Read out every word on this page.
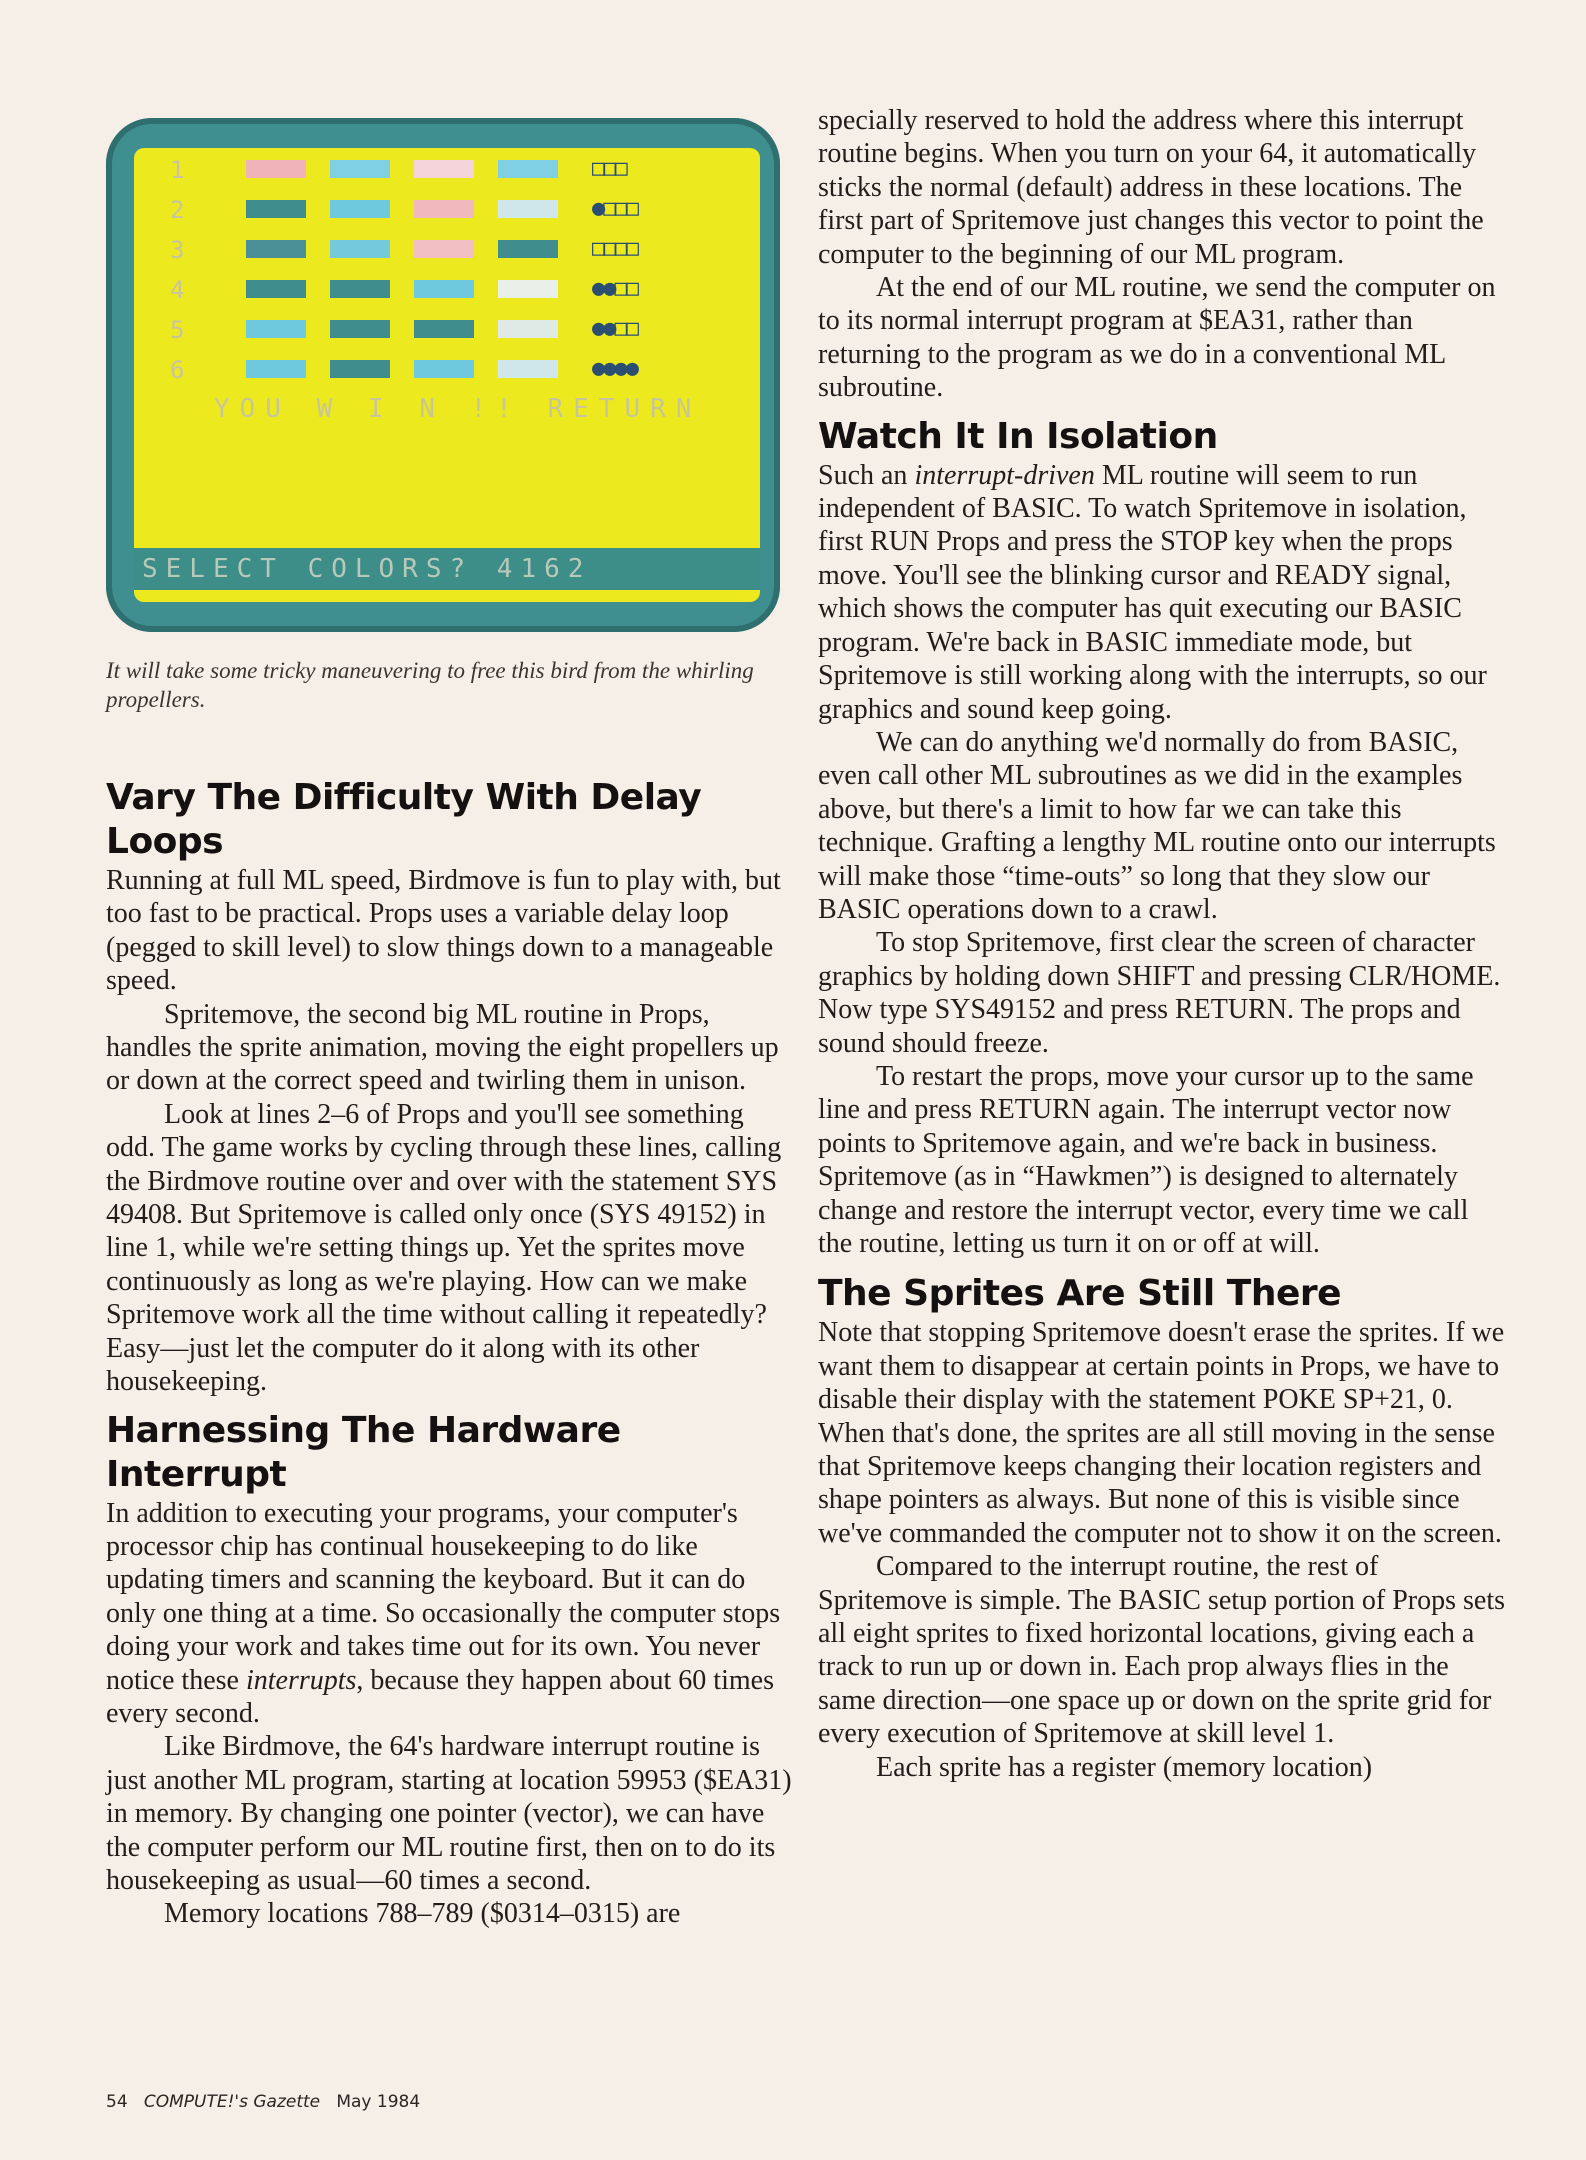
1	□□□
2	●□□□
3	□□□□
4	●●□□
5	●●□□
6	●●●●
YOU W I N !! RETURN
SELECT COLORS? 4162
It will take some tricky maneuvering to free this bird from the whirling propellers.
Vary The Difficulty With Delay Loops

Running at full ML speed, Birdmove is fun to play with, but too fast to be practical. Props uses a variable delay loop (pegged to skill level) to slow things down to a manageable speed.

Spritemove, the second big ML routine in Props, handles the sprite animation, moving the eight propellers up or down at the correct speed and twirling them in unison.

Look at lines 2–6 of Props and you'll see something odd. The game works by cycling through these lines, calling the Birdmove routine over and over with the statement SYS 49408. But Spritemove is called only once (SYS 49152) in line 1, while we're setting things up. Yet the sprites move continuously as long as we're playing. How can we make Spritemove work all the time without calling it repeatedly? Easy—just let the computer do it along with its other housekeeping.

Harnessing The Hardware Interrupt

In addition to executing your programs, your computer's processor chip has continual housekeeping to do like updating timers and scanning the keyboard. But it can do only one thing at a time. So occasionally the computer stops doing your work and takes time out for its own. You never notice these interrupts, because they happen about 60 times every second.

Like Birdmove, the 64's hardware interrupt routine is just another ML program, starting at location 59953 ($EA31) in memory. By changing one pointer (vector), we can have the computer perform our ML routine first, then on to do its housekeeping as usual—60 times a second.

Memory locations 788–789 ($0314–0315) are

specially reserved to hold the address where this interrupt routine begins. When you turn on your 64, it automatically sticks the normal (default) address in these locations. The first part of Spritemove just changes this vector to point the computer to the beginning of our ML program.

At the end of our ML routine, we send the computer on to its normal interrupt program at $EA31, rather than returning to the program as we do in a conventional ML subroutine.

Watch It In Isolation

Such an interrupt-driven ML routine will seem to run independent of BASIC. To watch Spritemove in isolation, first RUN Props and press the STOP key when the props move. You'll see the blinking cursor and READY signal, which shows the computer has quit executing our BASIC program. We're back in BASIC immediate mode, but Spritemove is still working along with the interrupts, so our graphics and sound keep going.

We can do anything we'd normally do from BASIC, even call other ML subroutines as we did in the examples above, but there's a limit to how far we can take this technique. Grafting a lengthy ML routine onto our interrupts will make those “time-outs” so long that they slow our BASIC operations down to a crawl.

To stop Spritemove, first clear the screen of character graphics by holding down SHIFT and pressing CLR/HOME. Now type SYS49152 and press RETURN. The props and sound should freeze.

To restart the props, move your cursor up to the same line and press RETURN again. The interrupt vector now points to Spritemove again, and we're back in business. Spritemove (as in “Hawkmen”) is designed to alternately change and restore the interrupt vector, every time we call the routine, letting us turn it on or off at will.

The Sprites Are Still There

Note that stopping Spritemove doesn't erase the sprites. If we want them to disappear at certain points in Props, we have to disable their display with the statement POKE SP+21, 0. When that's done, the sprites are all still moving in the sense that Spritemove keeps changing their location registers and shape pointers as always. But none of this is visible since we've commanded the computer not to show it on the screen.

Compared to the interrupt routine, the rest of Spritemove is simple. The BASIC setup portion of Props sets all eight sprites to fixed horizontal locations, giving each a track to run up or down in. Each prop always flies in the same direction—one space up or down on the sprite grid for every execution of Spritemove at skill level 1.

Each sprite has a register (memory location)

54 COMPUTE!'s Gazette May 1984
